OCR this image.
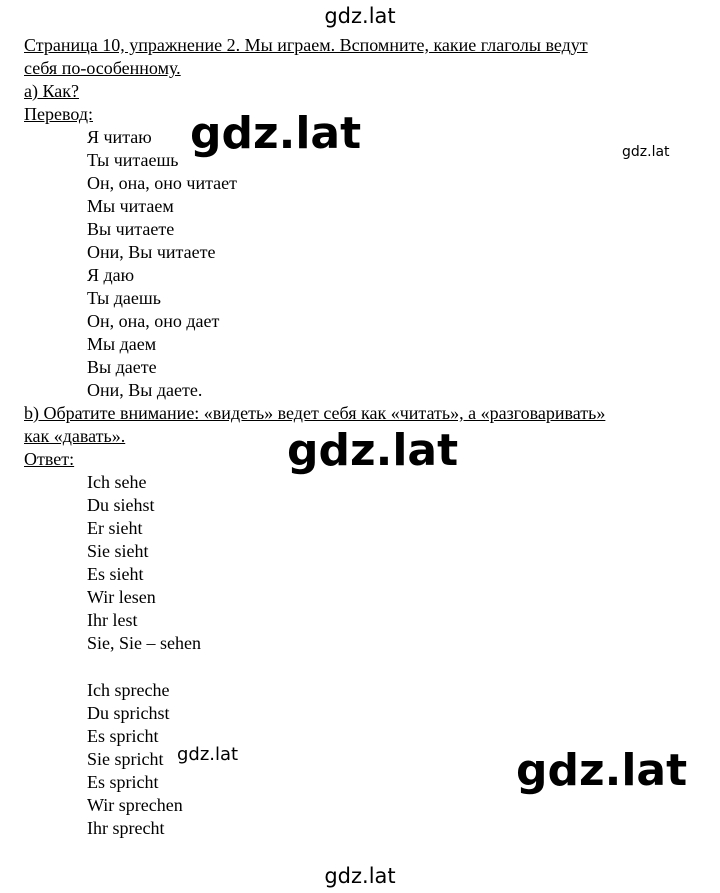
gdz.lat
Страница 10, упражнение 2. Мы играем. Вспомните, какие глаголы ведут
себя по-особенному.
a) Как?
Перевод:
Я читаю
Ты читаешь
Он, она, оно читает
Мы читаем
Вы читаете
Они, Вы читаете
Я даю
Ты даешь
Он, она, оно дает
Мы даем
Вы даете
Они, Вы даете.
b) Обратите внимание: «видеть» ведет себя как «читать», а «разговаривать»
как «давать».
Ответ:
Ich sehe
Du siehst
Er sieht
Sie sieht
Es sieht
Wir lesen
Ihr lest
Sie, Sie – sehen
Ich spreche
Du sprichst
Es spricht
Sie spricht
Es spricht
Wir sprechen
Ihr sprecht
gdz.lat	gdz.lat
gdz.lat
gdz.lat	gdz.lat
gdz.lat
